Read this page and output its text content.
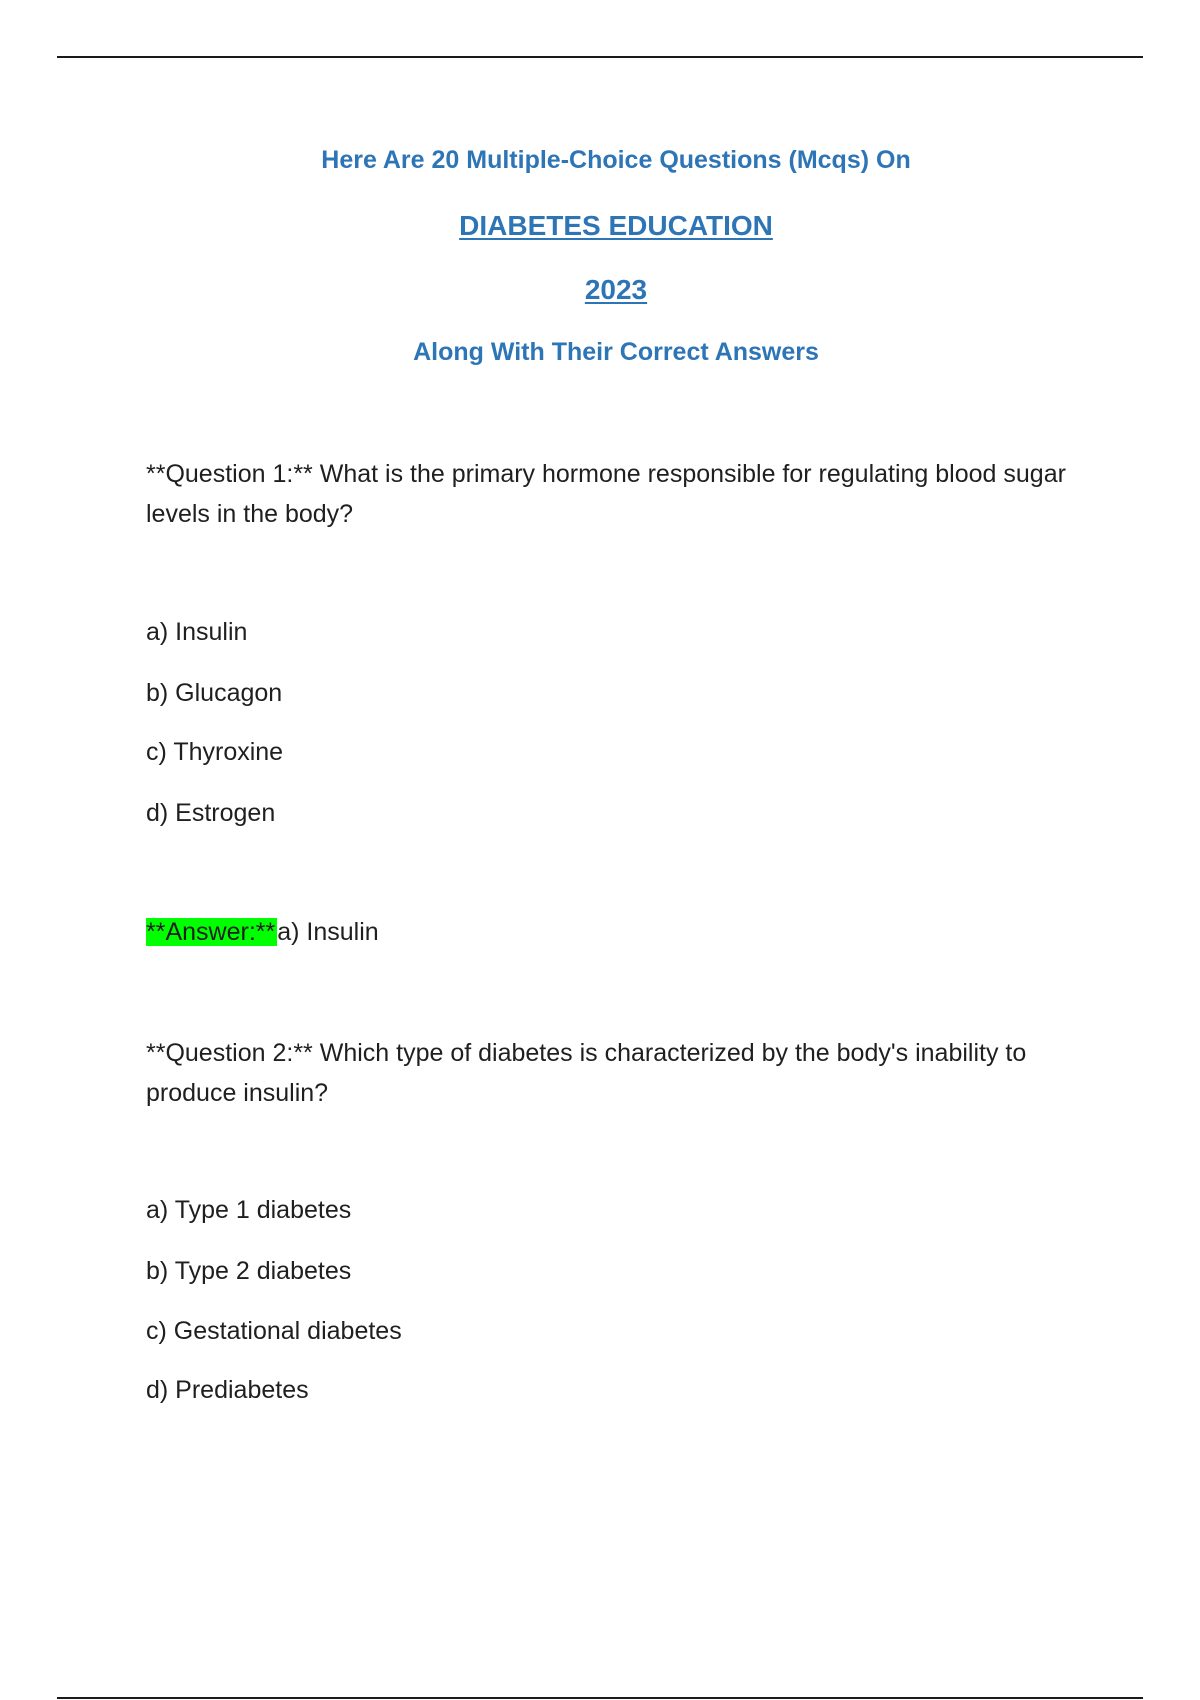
Here Are 20 Multiple-Choice Questions (Mcqs) On
DIABETES EDUCATION
2023
Along With Their Correct Answers
**Question 1:** What is the primary hormone responsible for regulating blood sugar levels in the body?
a) Insulin
b) Glucagon
c) Thyroxine
d) Estrogen
**Answer:**a) Insulin
**Question 2:** Which type of diabetes is characterized by the body's inability to produce insulin?
a) Type 1 diabetes
b) Type 2 diabetes
c) Gestational diabetes
d) Prediabetes
